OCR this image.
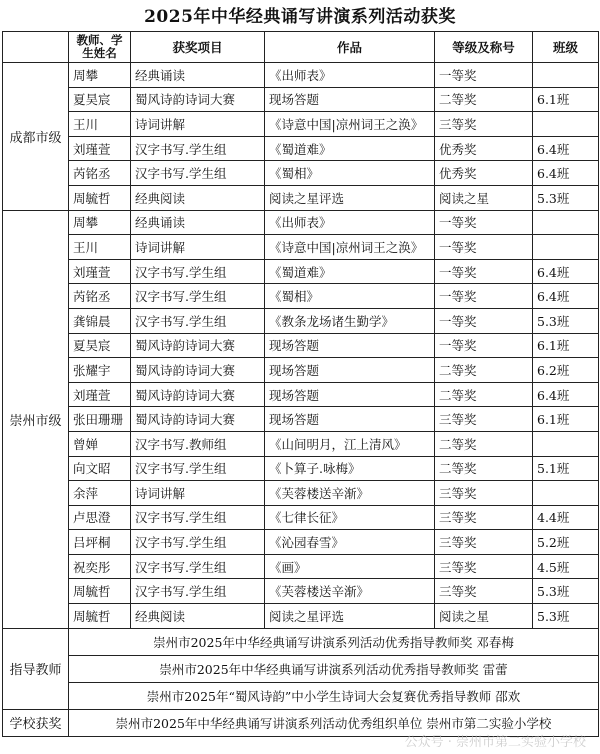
2025年中华经典诵写讲演系列活动获奖
	教师、学生姓名	获奖项目	作品	等级及称号	班级
成都市级	周攀	经典诵读	《出师表》	一等奖	
	夏昊宸	蜀风诗韵诗词大赛	现场答题	二等奖	6.1班
	王川	诗词讲解	《诗意中国|凉州词王之涣》	三等奖	
	刘瑾萱	汉字书写.学生组	《蜀道难》	优秀奖	6.4班
	芮铭丞	汉字书写.学生组	《蜀相》	优秀奖	6.4班
	周毓哲	经典阅读	阅读之星评选	阅读之星	5.3班
崇州市级	周攀	经典诵读	《出师表》	一等奖	
	王川	诗词讲解	《诗意中国|凉州词王之涣》	一等奖	
	刘瑾萱	汉字书写.学生组	《蜀道难》	一等奖	6.4班
	芮铭丞	汉字书写.学生组	《蜀相》	一等奖	6.4班
	龚锦晨	汉字书写.学生组	《教条龙场诸生勤学》	一等奖	5.3班
	夏昊宸	蜀风诗韵诗词大赛	现场答题	一等奖	6.1班
	张耀宇	蜀风诗韵诗词大赛	现场答题	二等奖	6.2班
	刘瑾萱	蜀风诗韵诗词大赛	现场答题	二等奖	6.4班
	张田珊珊	蜀风诗韵诗词大赛	现场答题	三等奖	6.1班
	曾婵	汉字书写.教师组	《山间明月，江上清风》	二等奖	
	向文昭	汉字书写.学生组	《卜算子.咏梅》	二等奖	5.1班
	余萍	诗词讲解	《芙蓉楼送辛渐》	三等奖	
	卢思澄	汉字书写.学生组	《七律长征》	三等奖	4.4班
	吕坪桐	汉字书写.学生组	《沁园春雪》	三等奖	5.2班
	祝奕彤	汉字书写.学生组	《画》	三等奖	4.5班
	周毓哲	汉字书写.学生组	《芙蓉楼送辛渐》	三等奖	5.3班
	周毓哲	经典阅读	阅读之星评选	阅读之星	5.3班
指导教师	崇州市2025年中华经典诵写讲演系列活动优秀指导教师奖 邓春梅				
	崇州市2025年中华经典诵写讲演系列活动优秀指导教师奖 雷蕾				
	崇州市2025年“蜀风诗韵”中小学生诗词大会复赛优秀指导教师 邵欢				
学校获奖	崇州市2025年中华经典诵写讲演系列活动优秀组织单位 崇州市第二实验小学校				
公众号 · 崇州市第二实验小学校
